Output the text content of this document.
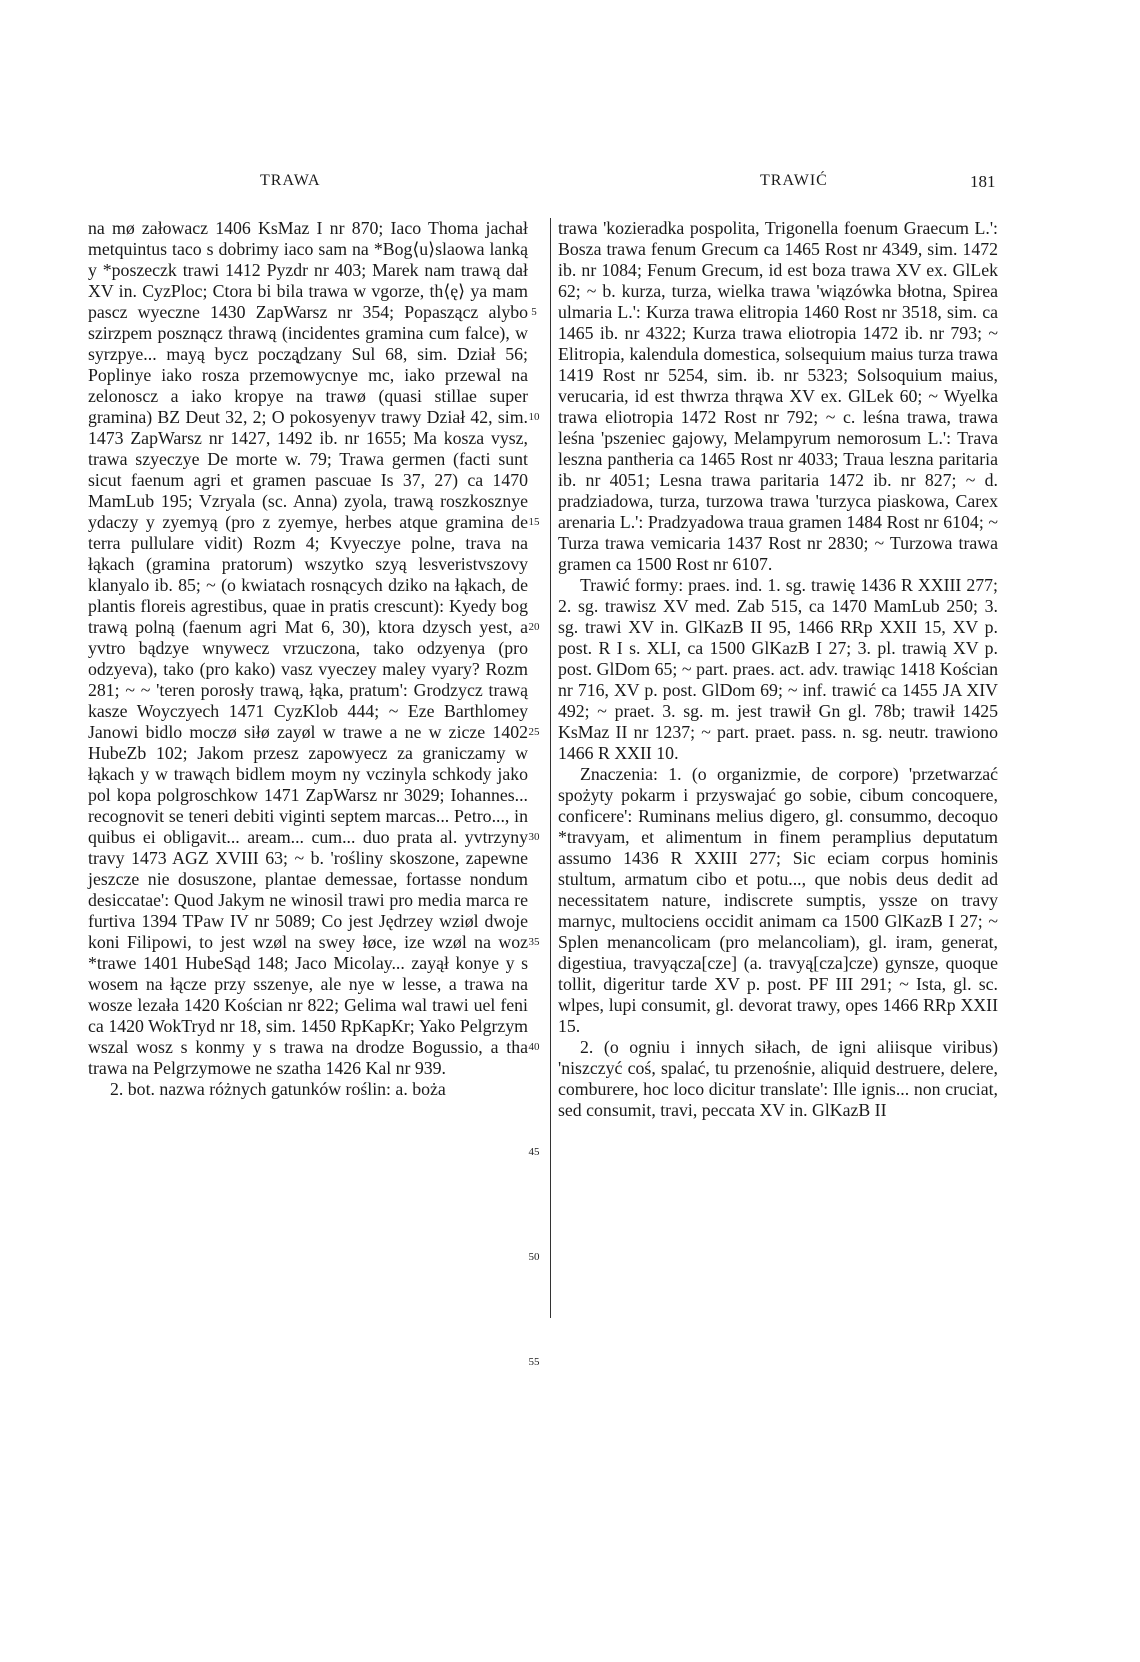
TRAWA	TRAWIĆ	181

na mø załowacz 1406 KsMaz I nr 870; Iaco Thoma jachał metquintus taco s dobrimy iaco sam na *Bog⟨u⟩slaowa lanką y *poszeczk trawi 1412 Pyzdr nr 403; Marek nam trawą dał XV in. CyzPloc; Ctora bi bila trawa w vgorze, th⟨ę⟩ ya mam pascz wyeczne 1430 ZapWarsz nr 354; Popaszącz alybo szirzpem posznącz thrawą (incidentes gramina cum falce), w syrzpye... mayą bycz począ̨dzany Sul 68, sim. Dział 56; Poplinye iako rosza przemowycnye mc, iako przewal na zelonoscz a iako kropye na trawø (quasi stillae super gramina) BZ Deut 32, 2; O pokosyenyv trawy Dział 42, sim. 1473 ZapWarsz nr 1427, 1492 ib. nr 1655; Ma kosza vysz, trawa szyeczye De morte w. 79; Trawa germen (facti sunt sicut faenum agri et gramen pascuae Is 37, 27) ca 1470 MamLub 195; Vzryala (sc. Anna) zyola, trawą roszkosznye ydaczy y zyemyą (pro z zyemye, herbes atque gramina de terra pullulare vidit) Rozm 4; Kvyeczye polne, trava na łąkach (gramina pratorum) wszytko szyą lesveristvszovy klanyalo ib. 85; ~ (o kwiatach rosnących dziko na łąkach, de plantis floreis agrestibus, quae in pratis crescunt): Kyedy bog trawą polną (faenum agri Mat 6, 30), ktora dzysch yest, a yvtro bądzye wnywecz vrzuczona, tako odzyenya (pro odzyeva), tako (pro kako) vasz vyeczey maley vyary? Rozm 281; ~ ~ 'teren porosły trawą, łąka, pratum': Grodzycz trawą kasze Woyczyech 1471 CyzKlob 444; ~ Eze Barthlomey Janowi bidlo moczø siłø zayøl w trawe a ne w zicze 1402 HubeZb 102; Jakom przesz zapowyecz za graniczamy w łąkach y w trawąch bidlem moym ny vczinyla schkody jako pol kopa polgroschkow 1471 ZapWarsz nr 3029; Iohannes... recognovit se teneri debiti viginti septem marcas... Petro..., in quibus ei obligavit... aream... cum... duo prata al. yvtrzyny travy 1473 AGZ XVIII 63; ~ b. 'rośliny skoszone, zapewne jeszcze nie dosuszone, plantae demessae, fortasse nondum desiccatae': Quod Jakym ne winosil trawi pro media marca re furtiva 1394 TPaw IV nr 5089; Co jest Jędrzey wziøl dwoje koni Filipowi, to jest wzøl na swey łøce, ize wzøl na woz *trawe 1401 HubeSąd 148; Jaco Micolay... zayął konye y s wosem na łącze przy sszenye, ale nye w lesse, a trawa na wosze lezała 1420 Kościan nr 822; Gelima wal trawi uel feni ca 1420 WokTryd nr 18, sim. 1450 RpKapKr; Yako Pelgrzym wszal wosz s konmy y s trawa na drodze Bogussio, a tha trawa na Pelgrzymowe ne szatha 1426 Kal nr 939.

2. bot. nazwa różnych gatunków roślin: a. boża

5
10
15
20
25
30
35
40
45
50
55

trawa 'kozieradka pospolita, Trigonella foenum Graecum L.': Bosza trawa fenum Grecum ca 1465 Rost nr 4349, sim. 1472 ib. nr 1084; Fenum Grecum, id est boza trawa XV ex. GlLek 62; ~ b. kurza, turza, wielka trawa 'wiązówka błotna, Spirea ulmaria L.': Kurza trawa elitropia 1460 Rost nr 3518, sim. ca 1465 ib. nr 4322; Kurza trawa eliotropia 1472 ib. nr 793; ~ Elitropia, kalendula domestica, solsequium maius turza trawa 1419 Rost nr 5254, sim. ib. nr 5323; Solsoquium maius, verucaria, id est thwrza thrąwa XV ex. GlLek 60; ~ Wyelka trawa eliotropia 1472 Rost nr 792; ~ c. leśna trawa, trawa leśna 'pszeniec gajowy, Melampyrum nemorosum L.': Trava leszna pantheria ca 1465 Rost nr 4033; Traua leszna paritaria ib. nr 4051; Lesna trawa paritaria 1472 ib. nr 827; ~ d. pradziadowa, turza, turzowa trawa 'turzyca piaskowa, Carex arenaria L.': Pradzyadowa traua gramen 1484 Rost nr 6104; ~ Turza trawa vemicaria 1437 Rost nr 2830; ~ Turzowa trawa gramen ca 1500 Rost nr 6107.

Trawić formy: praes. ind. 1. sg. trawię 1436 R XXIII 277; 2. sg. trawisz XV med. Zab 515, ca 1470 MamLub 250; 3. sg. trawi XV in. GlKazB II 95, 1466 RRp XXII 15, XV p. post. R I s. XLI, ca 1500 GlKazB I 27; 3. pl. trawią XV p. post. GlDom 65; ~ part. praes. act. adv. trawiąc 1418 Kościan nr 716, XV p. post. GlDom 69; ~ inf. trawić ca 1455 JA XIV 492; ~ praet. 3. sg. m. jest trawił Gn gl. 78b; trawił 1425 KsMaz II nr 1237; ~ part. praet. pass. n. sg. neutr. trawiono 1466 R XXII 10.

Znaczenia: 1. (o organizmie, de corpore) 'przetwarzać spożyty pokarm i przyswajać go sobie, cibum concoquere, conficere': Ruminans melius digero, gl. consummo, decoquo *travyam, et alimentum in finem peramplius deputatum assumo 1436 R XXIII 277; Sic eciam corpus hominis stultum, armatum cibo et potu..., que nobis deus dedit ad necessitatem nature, indiscrete sumptis, yssze on travy marnyc, multociens occidit animam ca 1500 GlKazB I 27; ~ Splen menancolicam (pro melancoliam), gl. iram, generat, digestiua, travyącza[cze] (a. travyą[cza]cze) gynsze, quoque tollit, digeritur tarde XV p. post. PF III 291; ~ Ista, gl. sc. wlpes, lupi consumit, gl. devorat trawy, opes 1466 RRp XXII 15.

2. (o ogniu i innych siłach, de igni aliisque viribus) 'niszczyć coś, spalać, tu przenośnie, aliquid destruere, delere, comburere, hoc loco dicitur translate': Ille ignis... non cruciat, sed consumit, travi, peccata XV in. GlKazB II
